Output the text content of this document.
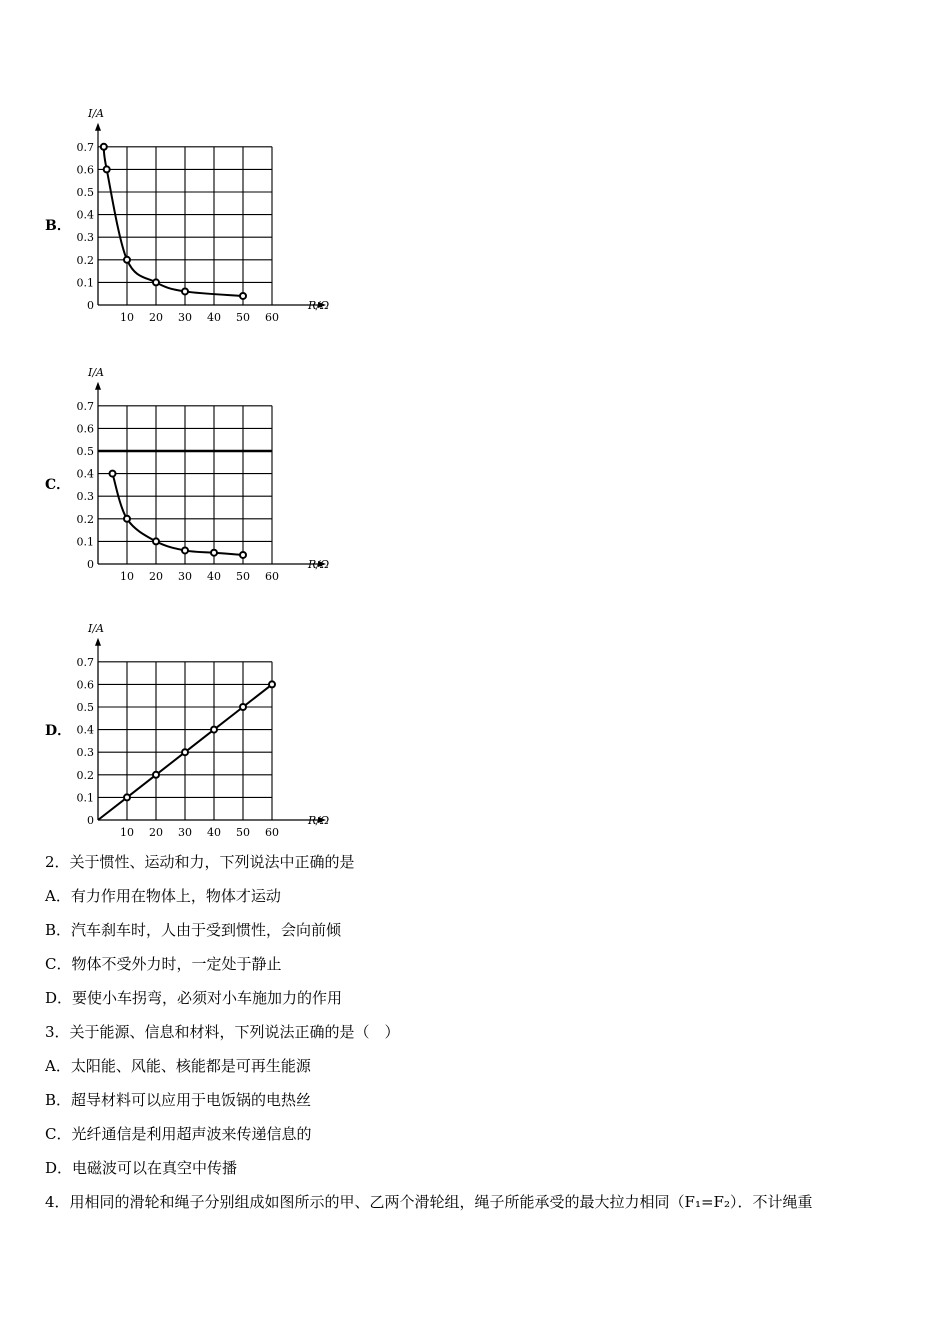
B．
I/A
R/Ω
0
0.1
0.2
0.3
0.4
0.5
0.6
0.7
10 20 30 40 50 60
C．
I/A
R/Ω
0
0.1
0.2
0.3
0.4
0.5
0.6
0.7
10 20 30 40 50 60
D．
I/A
R/Ω
0
0.1
0.2
0.3
0.4
0.5
0.6
0.7
10 20 30 40 50 60
2．关于惯性、运动和力，下列说法中正确的是
A．有力作用在物体上，物体才运动
B．汽车刹车时，人由于受到惯性，会向前倾
C．物体不受外力时，一定处于静止
D．要使小车拐弯，必须对小车施加力的作用
3．关于能源、信息和材料，下列说法正确的是（　）
A．太阳能、风能、核能都是可再生能源
B．超导材料可以应用于电饭锅的电热丝
C．光纤通信是利用超声波来传递信息的
D．电磁波可以在真空中传播
4．用相同的滑轮和绳子分别组成如图所示的甲、乙两个滑轮组，绳子所能承受的最大拉力相同（F₁=F₂）．不计绳重
